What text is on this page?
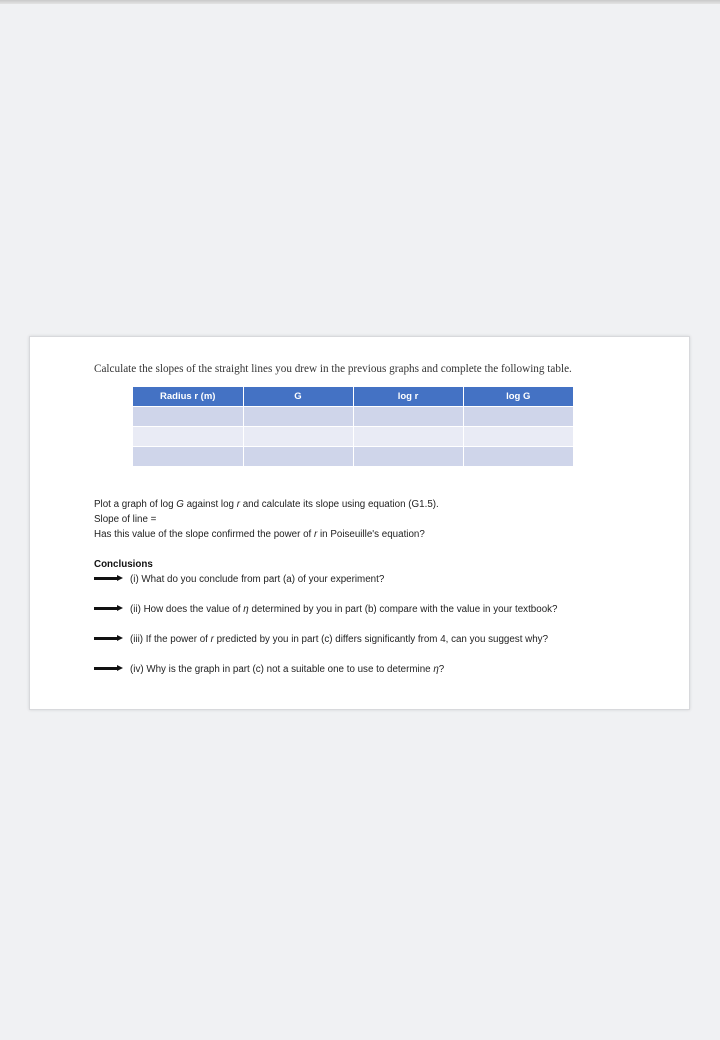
Calculate the slopes of the straight lines you drew in the previous graphs and complete the following table.
Radius r (m)	G	log r	log G

Plot a graph of log G against log r and calculate its slope using equation (G1.5).
Slope of line =
Has this value of the slope confirmed the power of r in Poiseuille's equation?
Conclusions
(i) What do you conclude from part (a) of your experiment?
(ii) How does the value of η determined by you in part (b) compare with the value in your textbook?
(iii) If the power of r predicted by you in part (c) differs significantly from 4, can you suggest why?
(iv) Why is the graph in part (c) not a suitable one to use to determine η?
